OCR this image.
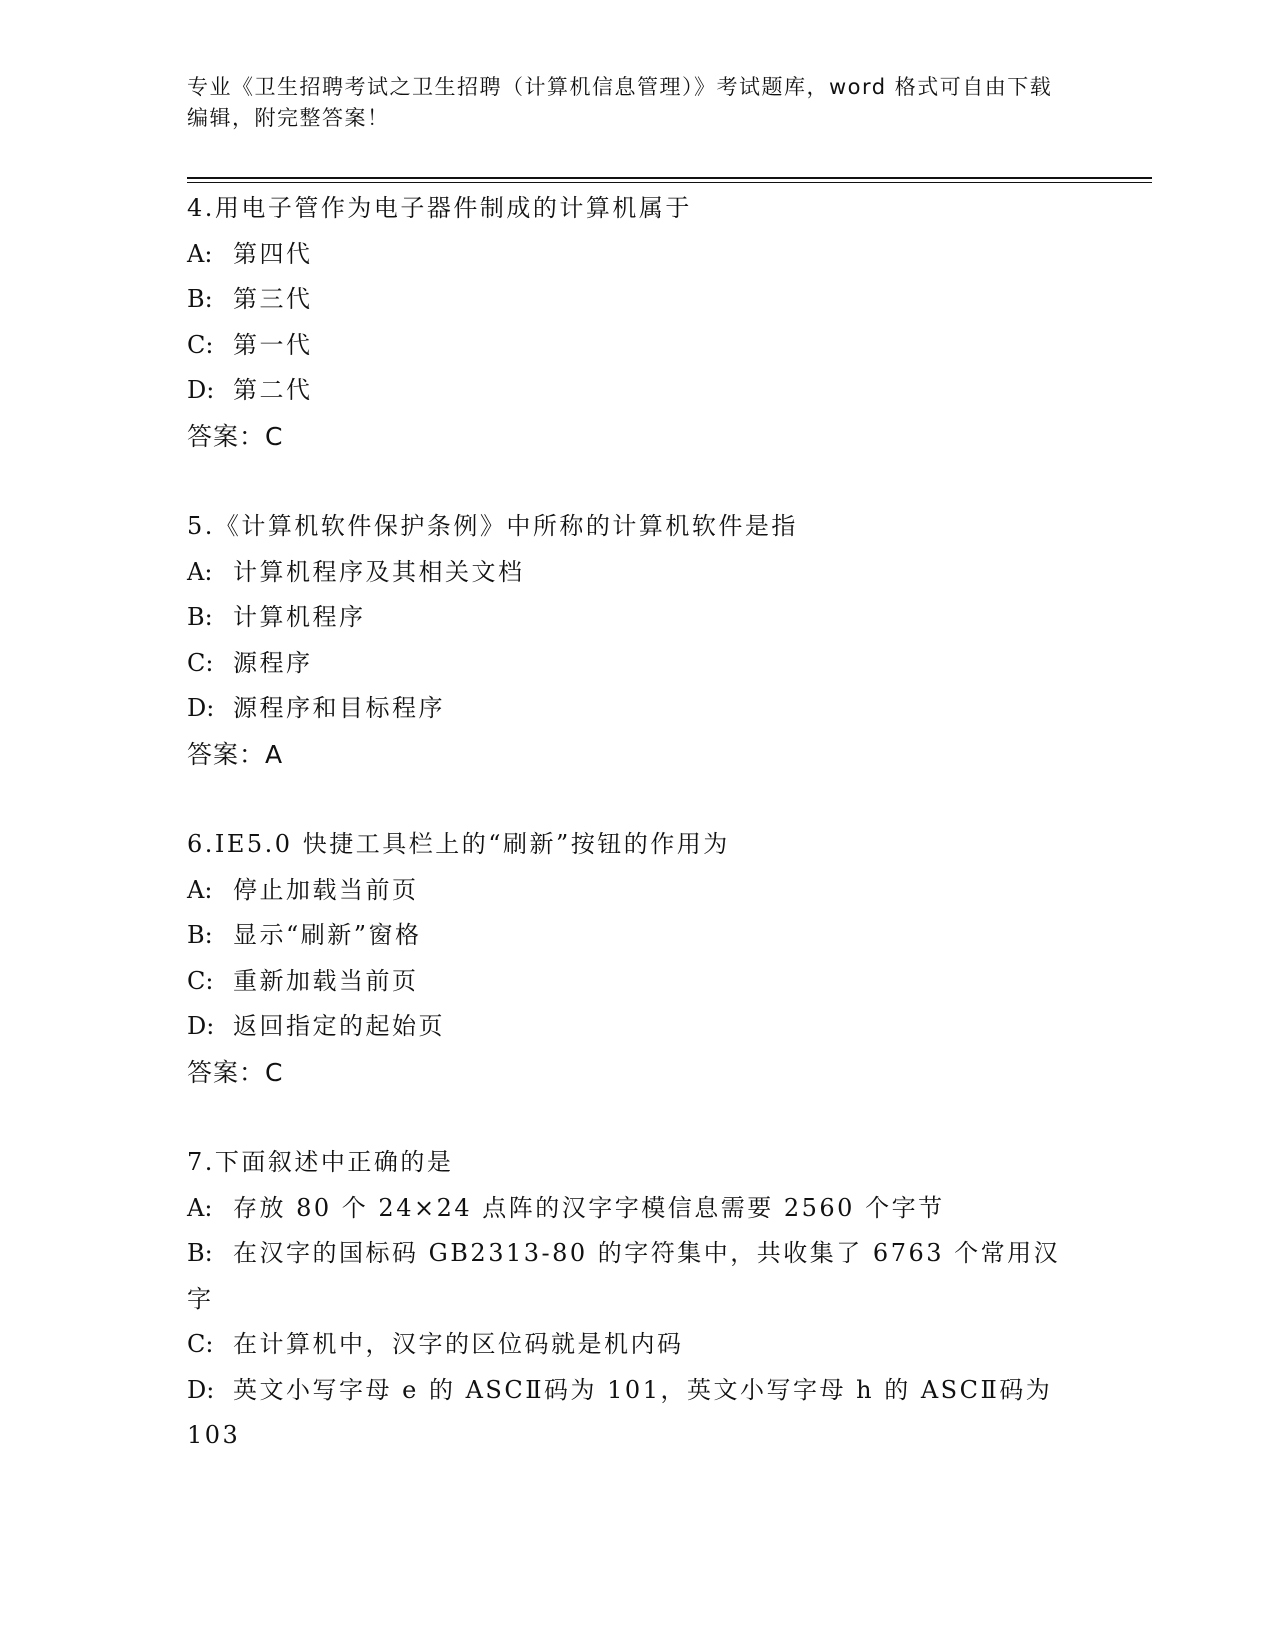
专业《卫生招聘考试之卫生招聘（计算机信息管理）》考试题库，word 格式可自由下载编辑，附完整答案！
4.用电子管作为电子器件制成的计算机属于
A: 第四代
B: 第三代
C: 第一代
D: 第二代
答案：C
5.《计算机软件保护条例》中所称的计算机软件是指
A: 计算机程序及其相关文档
B: 计算机程序
C: 源程序
D: 源程序和目标程序
答案：A
6.IE5.0 快捷工具栏上的“刷新”按钮的作用为
A: 停止加载当前页
B: 显示“刷新”窗格
C: 重新加载当前页
D: 返回指定的起始页
答案：C
7.下面叙述中正确的是
A: 存放 80 个 24×24 点阵的汉字字模信息需要 2560 个字节
B: 在汉字的国标码 GB2313-80 的字符集中，共收集了 6763 个常用汉字
C: 在计算机中，汉字的区位码就是机内码
D: 英文小写字母 e 的 ASCⅡ码为 101，英文小写字母 h 的 ASCⅡ码为 103
